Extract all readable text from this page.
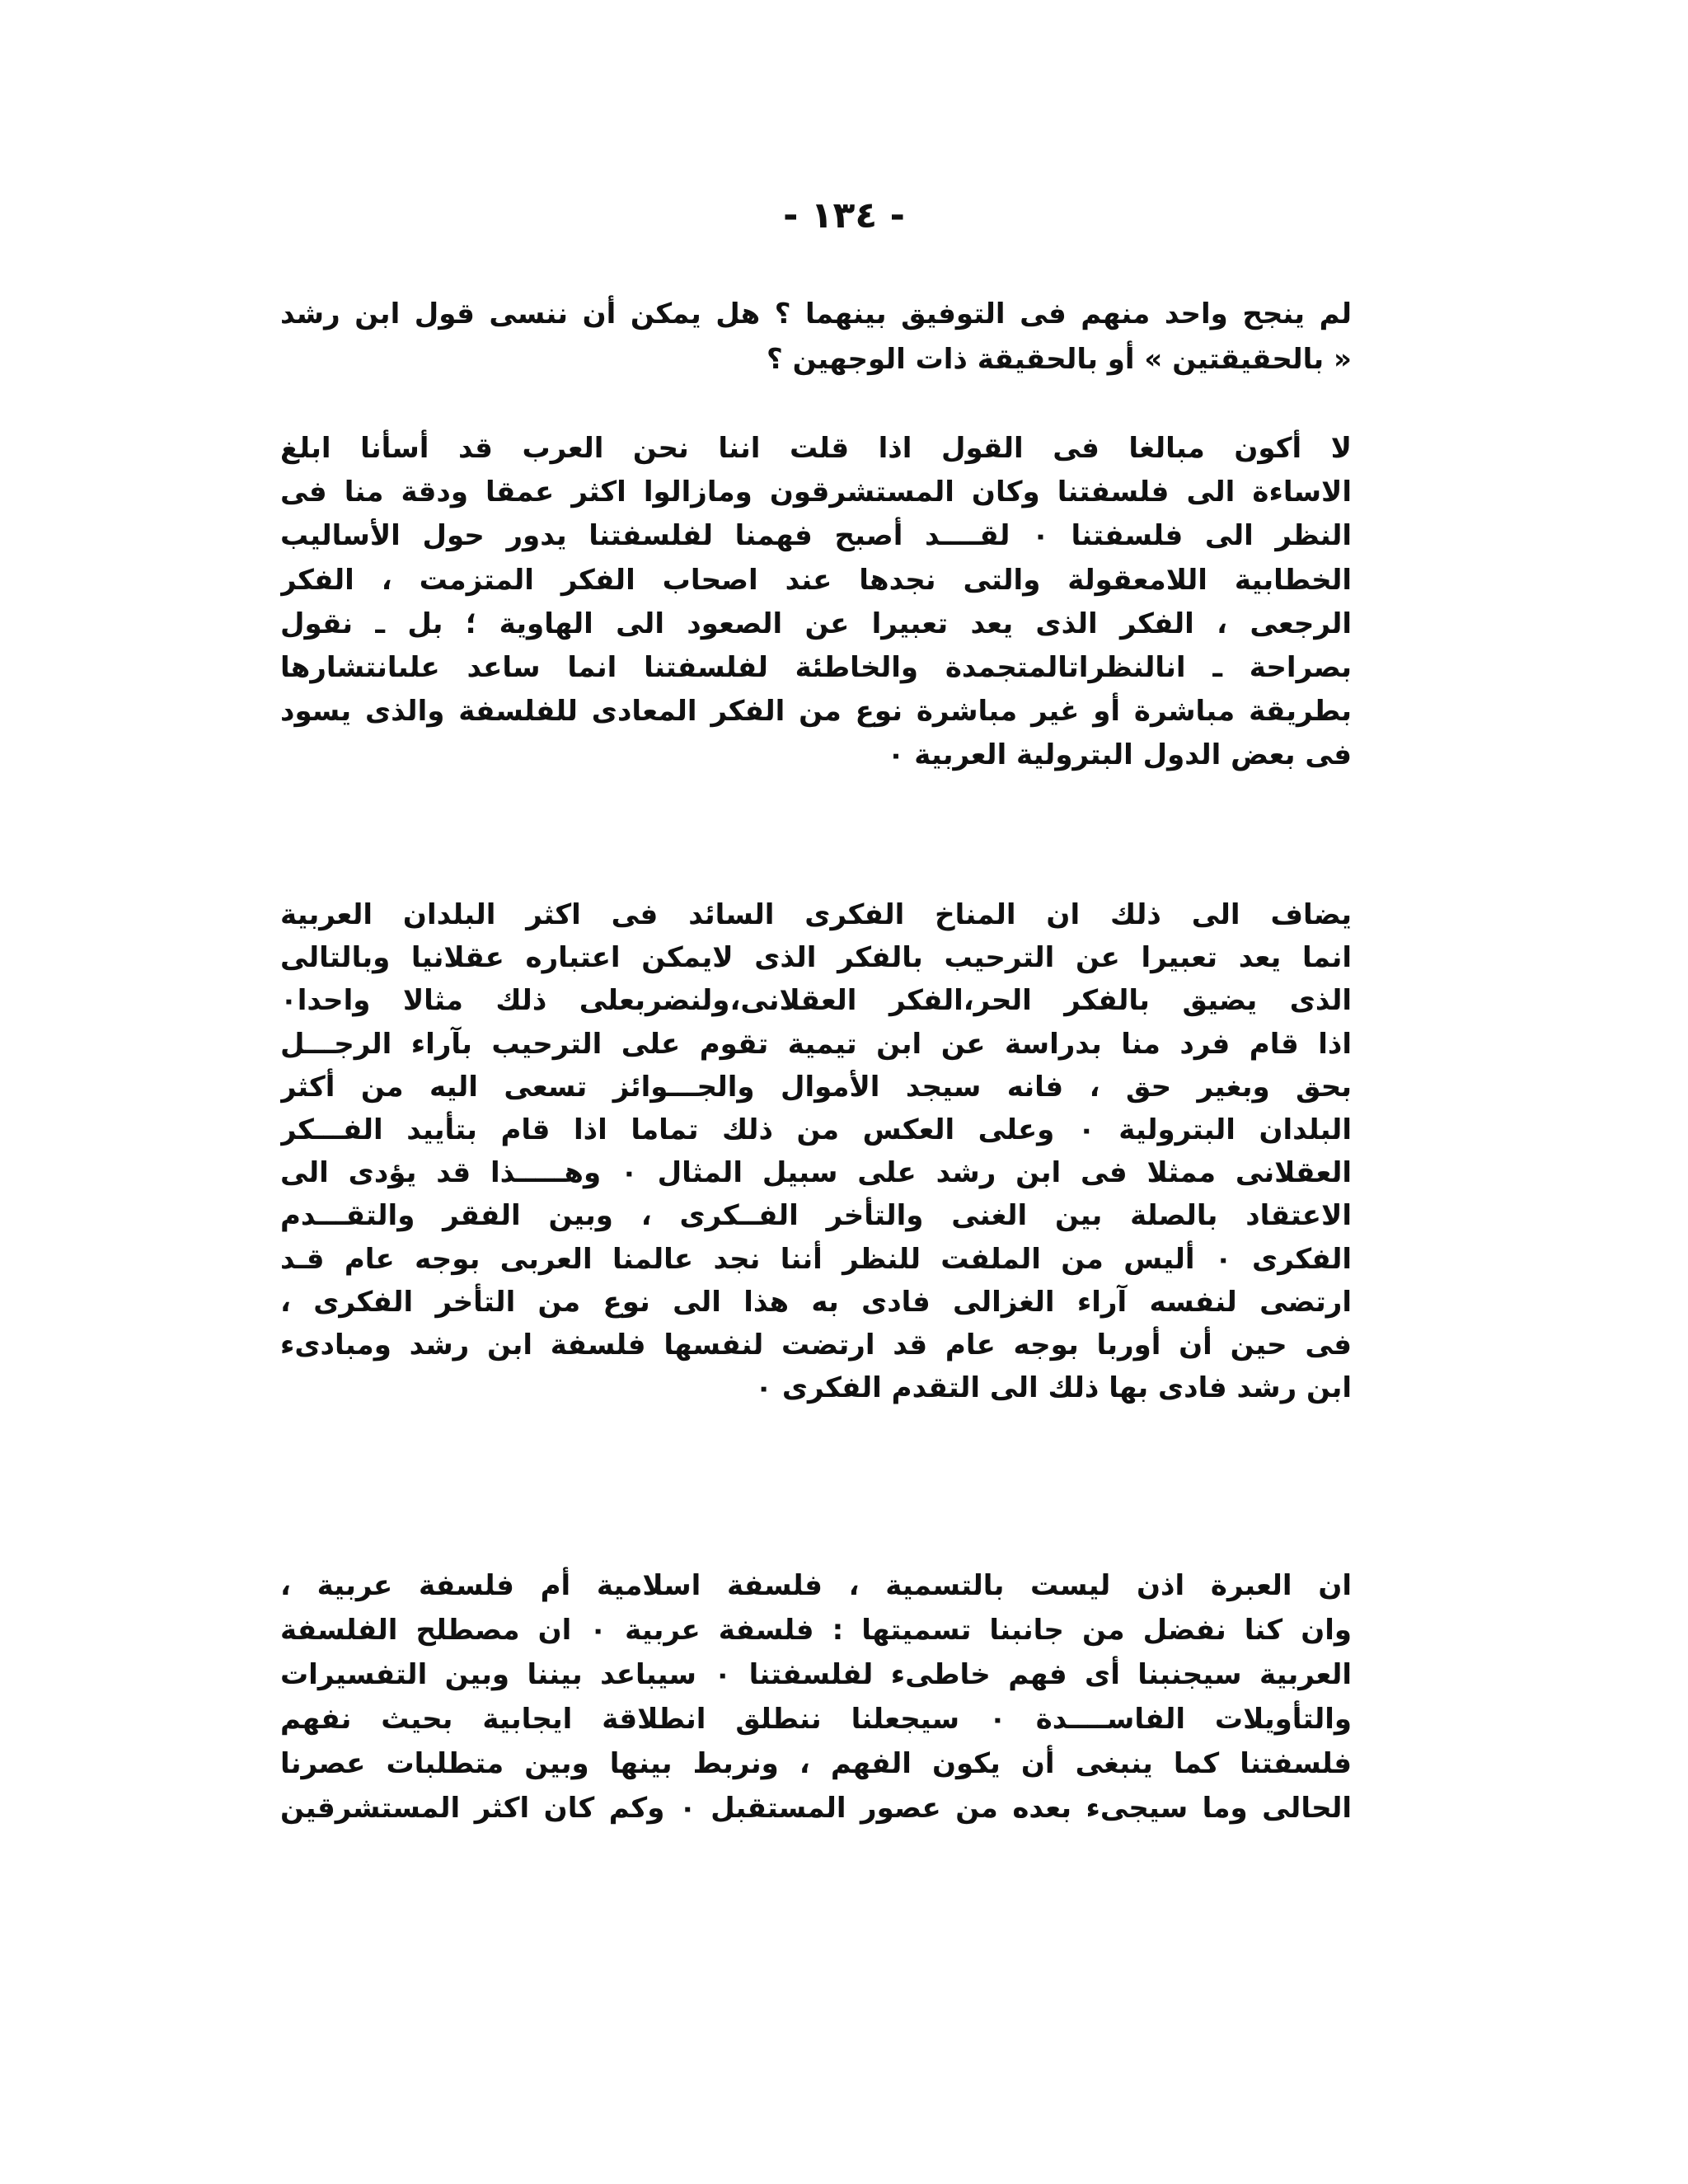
- ١٣٤ -
لم ينجح واحد منهم فى التوفيق بينهما ؟ هل يمكن أن ننسى قول ابن رشد
« بالحقيقتين » أو بالحقيقة ذات الوجهين ؟
لا أكون مبالغا فى القول اذا قلت اننا نحن العرب قد أسأنا ابلغ
الاساءة الى فلسفتنا وكان المستشرقون ومازالوا اكثر عمقا ودقة منا فى
النظر الى فلسفتنا ٠ لقــــد أصبح فهمنا لفلسفتنا يدور حول الأساليب
الخطابية اللامعقولة والتى نجدها عند اصحاب الفكر المتزمت ، الفكر
الرجعى ، الفكر الذى يعد تعبيرا عن الصعود الى الهاوية ؛ بل ـ نقول
بصراحة ـ انالنظراتالمتجمدة والخاطئة لفلسفتنا انما ساعد علىانتشارها
بطريقة مباشرة أو غير مباشرة نوع من الفكر المعادى للفلسفة والذى يسود
فى بعض الدول البترولية العربية ٠
يضاف الى ذلك ان المناخ الفكرى السائد فى اكثر البلدان العربية
انما يعد تعبيرا عن الترحيب بالفكر الذى لايمكن اعتباره عقلانيا وبالتالى
الذى يضيق بالفكر الحر،الفكر العقلانى،ولنضربعلى ذلك مثالا واحدا٠
اذا قام فرد منا بدراسة عن ابن تيمية تقوم على الترحيب بآراء الرجـــل
بحق وبغير حق ، فانه سيجد الأموال والجـــوائز تسعى اليه من أكثر
البلدان البترولية ٠ وعلى العكس من ذلك تماما اذا قام بتأييد الفـــكر
العقلانى ممثلا فى ابن رشد على سبيل المثال ٠ وهـــــذا قد يؤدى الى
الاعتقاد بالصلة بين الغنى والتأخر الفــكرى ، وبين الفقر والتقـــدم
الفكرى ٠ أليس من الملفت للنظر أننا نجد عالمنا العربى بوجه عام قـد
ارتضى لنفسه آراء الغزالى فادى به هذا الى نوع من التأخر الفكرى ،
فى حين أن أوربا بوجه عام قد ارتضت لنفسها فلسفة ابن رشد ومبادىء
ابن رشد فادى بها ذلك الى التقدم الفكرى ٠
ان العبرة اذن ليست بالتسمية ، فلسفة اسلامية أم فلسفة عربية ،
وان كنا نفضل من جانبنا تسميتها : فلسفة عربية ٠ ان مصطلح الفلسفة
العربية سيجنبنا أى فهم خاطىء لفلسفتنا ٠ سيباعد بيننا وبين التفسيرات
والتأويلات الفاســــدة ٠ سيجعلنا ننطلق انطلاقة ايجابية بحيث نفهم
فلسفتنا كما ينبغى أن يكون الفهم ، ونربط بينها وبين متطلبات عصرنا
الحالى وما سيجىء بعده من عصور المستقبل ٠ وكم كان اكثر المستشرقين
